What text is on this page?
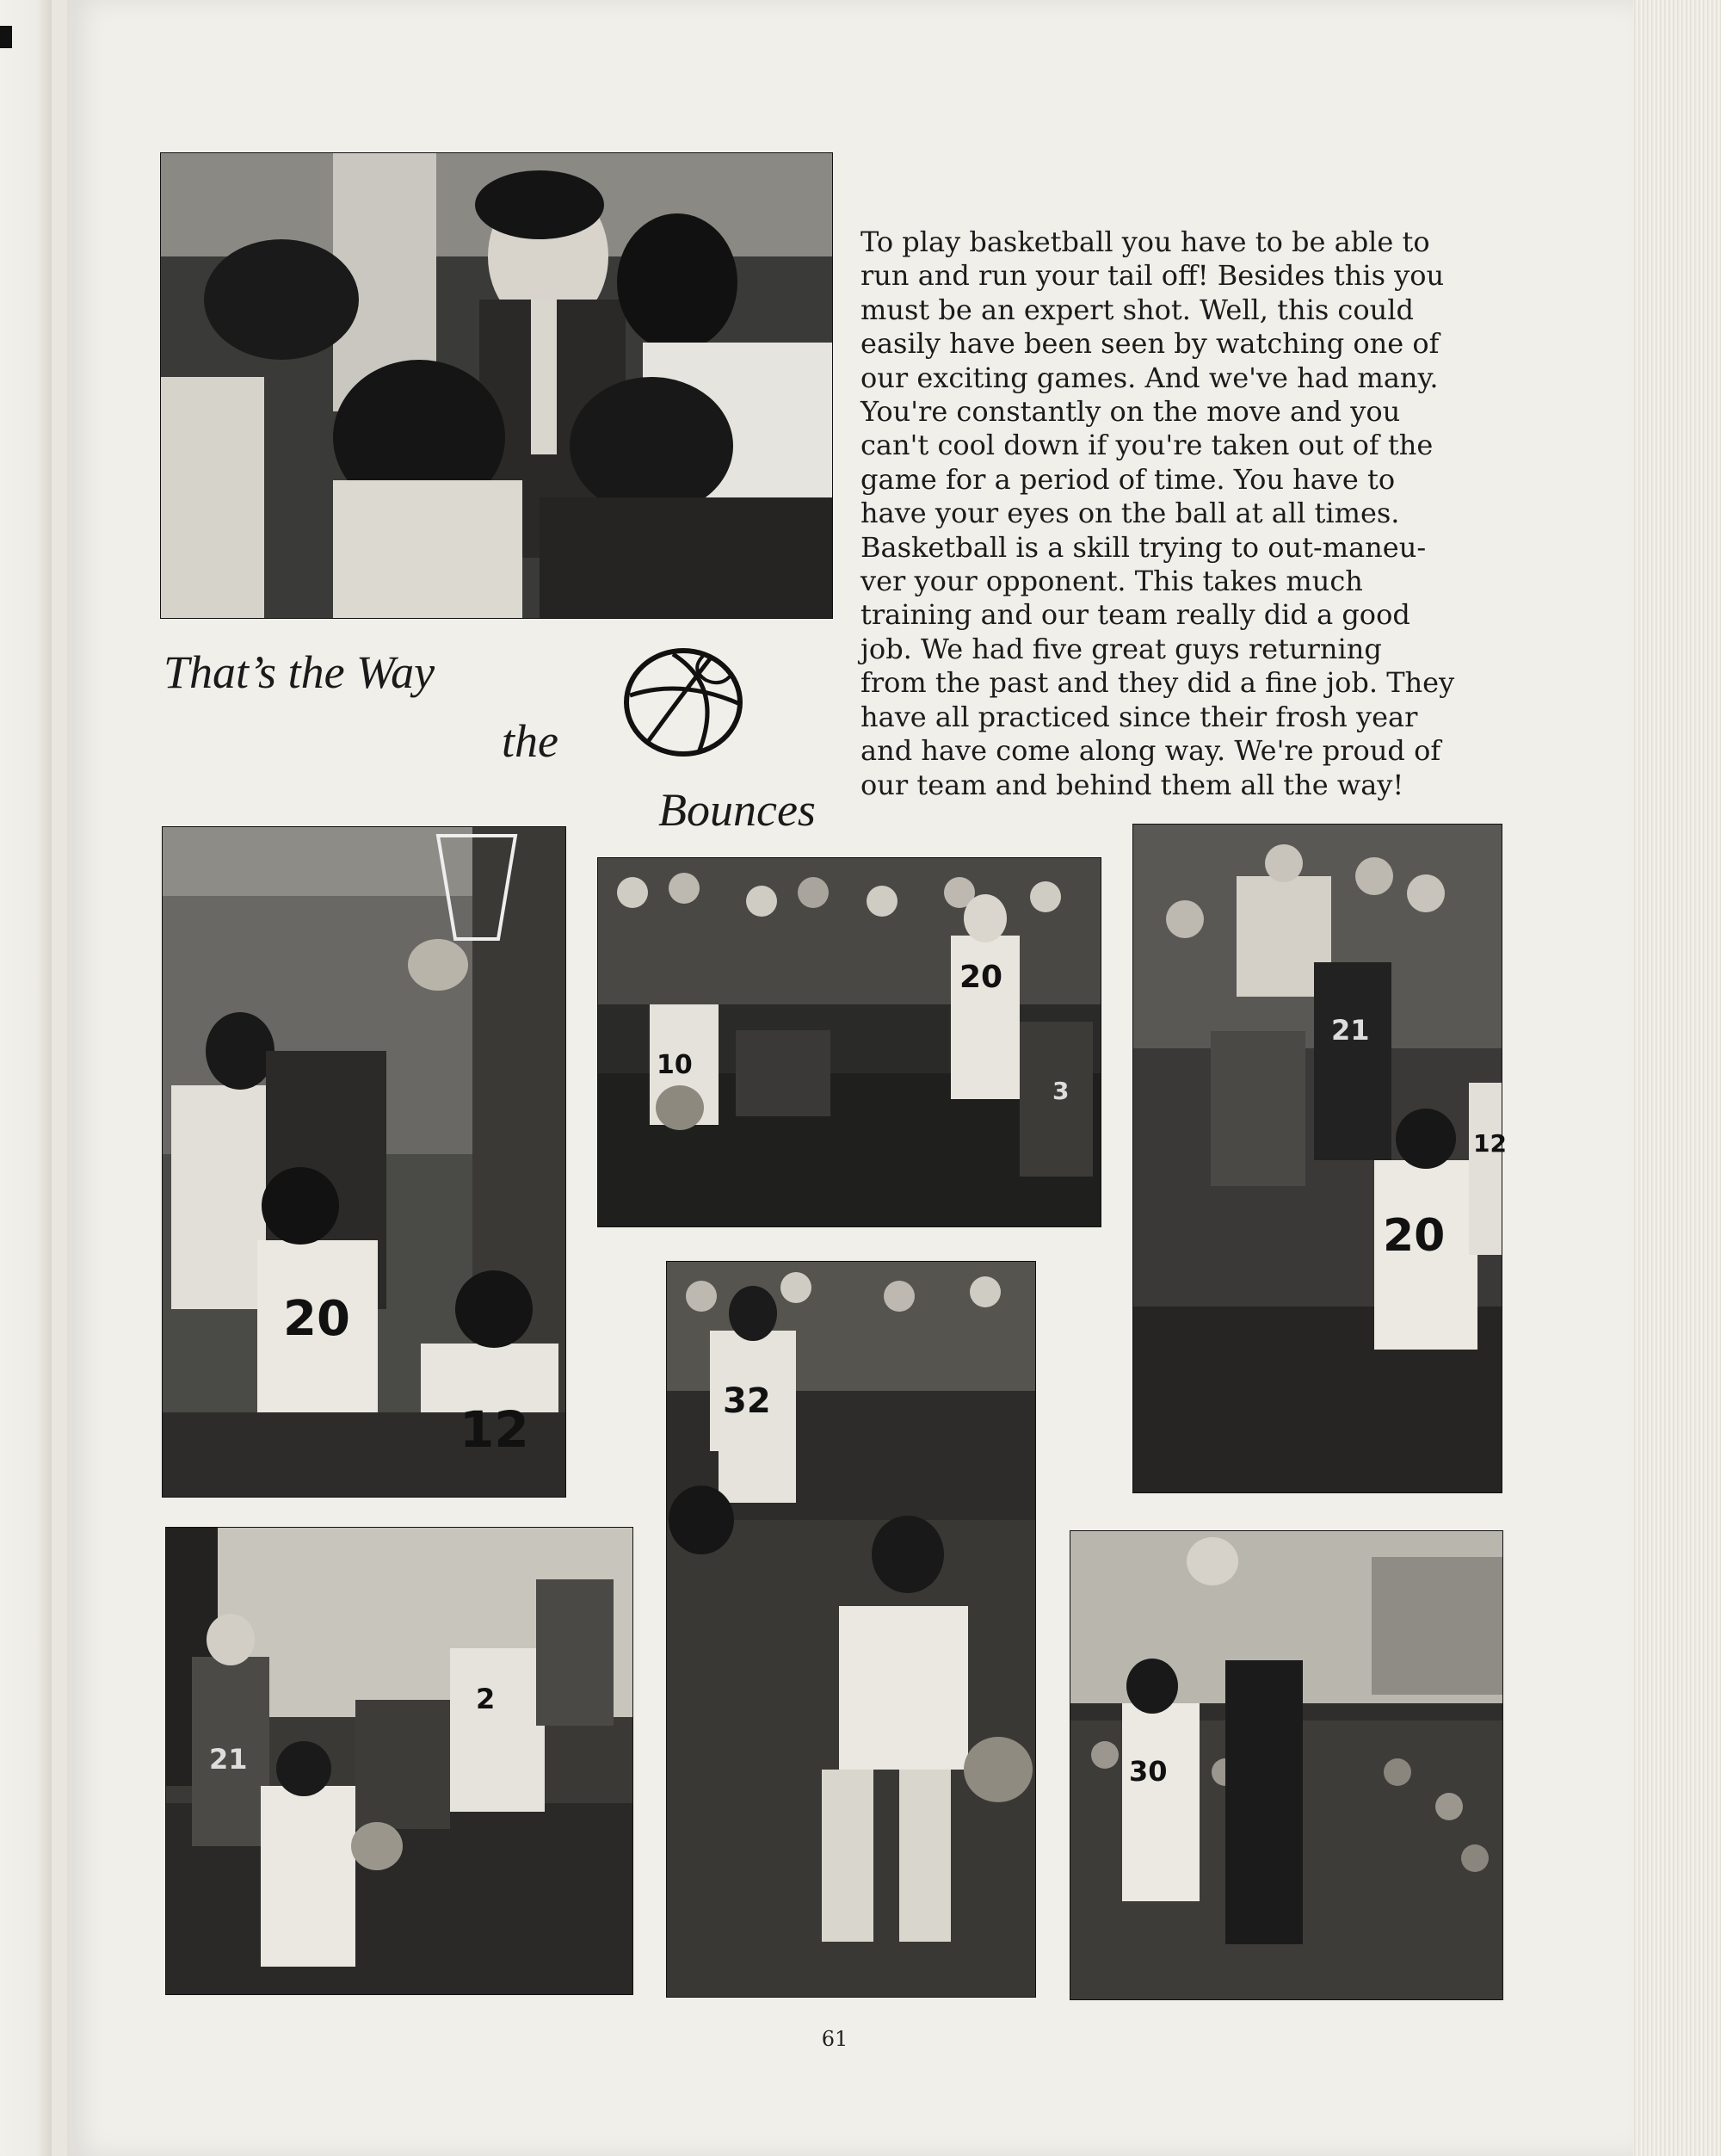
20
12
10
20
3
21
12
20
32
21
2
30

To play basketball you have to be able to
run and run your tail off! Besides this you
must be an expert shot. Well, this could
easily have been seen by watching one of
our exciting games. And we've had many.
You're constantly on the move and you
can't cool down if you're taken out of the
game for a period of time. You have to
have your eyes on the ball at all times.
Basketball is a skill trying to out-maneu-
ver your opponent. This takes much
training and our team really did a good
job. We had five great guys returning
from the past and they did a fine job. They
have all practiced since their frosh year
and have come along way. We're proud of
our team and behind them all the way!

That’s the Way

the

Bounces

61
